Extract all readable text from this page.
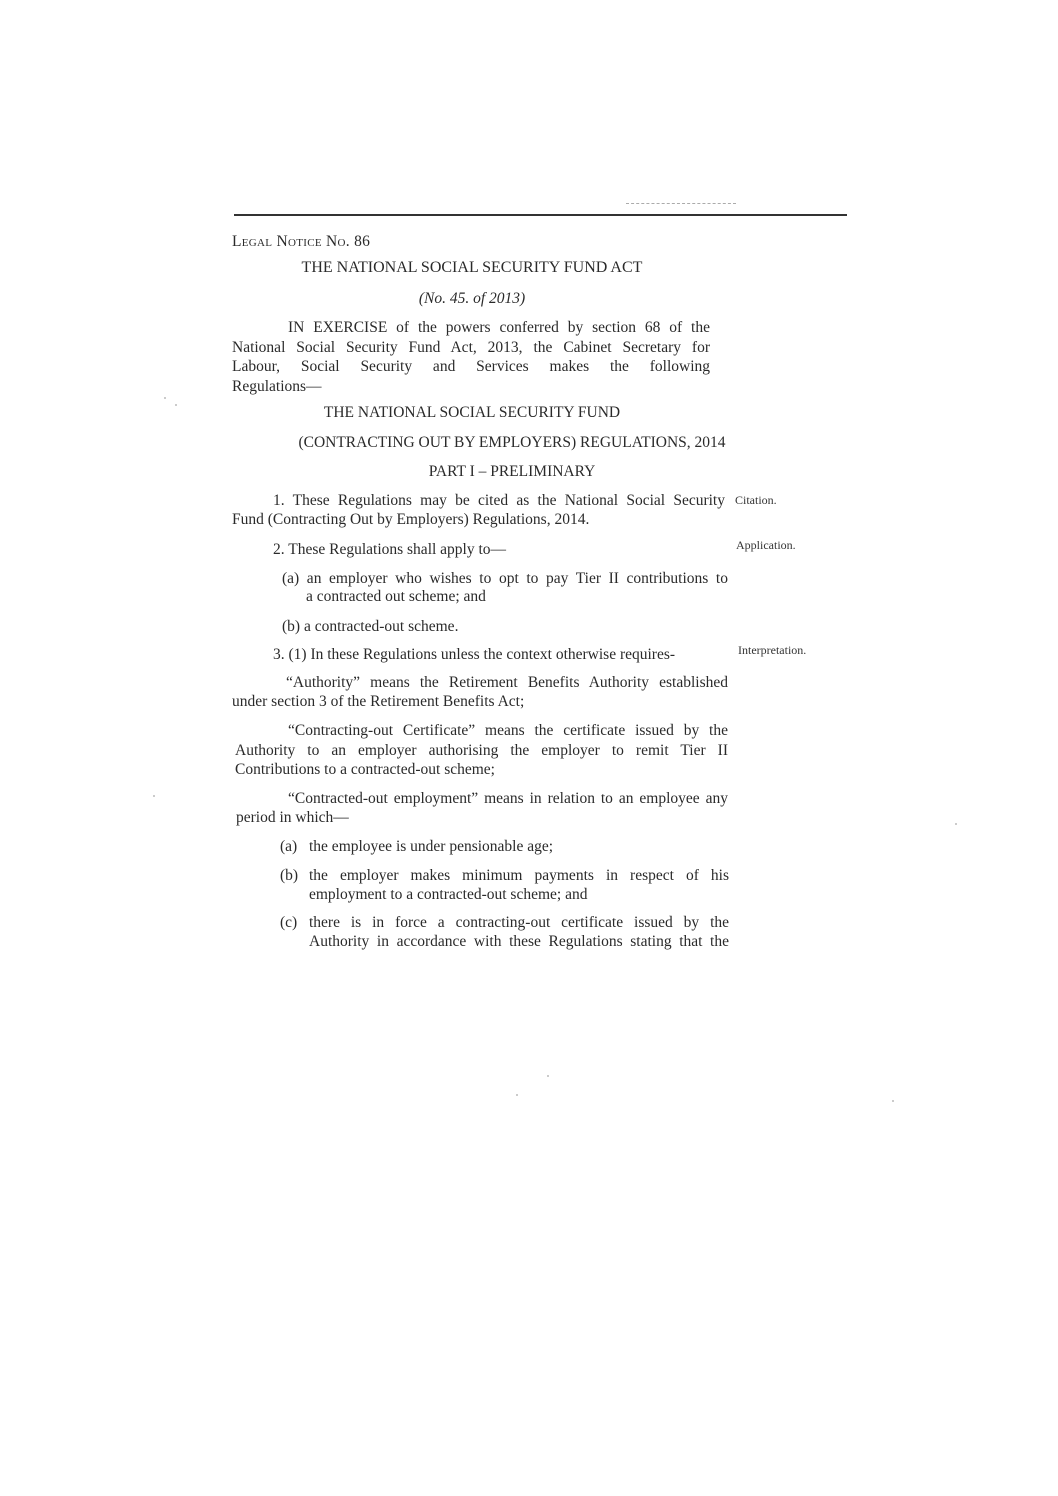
Legal Notice No. 86
THE NATIONAL SOCIAL SECURITY FUND ACT
(No. 45. of 2013)
IN EXERCISE of the powers conferred by section 68 of the
National Social Security Fund Act, 2013, the Cabinet Secretary for
Labour, Social Security and Services makes the following
Regulations—
THE NATIONAL SOCIAL SECURITY FUND
(CONTRACTING OUT BY EMPLOYERS) REGULATIONS, 2014
PART I – PRELIMINARY
1. These Regulations may be cited as the National Social Security
Fund (Contracting Out by Employers) Regulations, 2014.
Citation.
2. These Regulations shall apply to—	Application.
(a) an employer who wishes to opt to pay Tier II contributions to
a contracted out scheme; and
(b) a contracted-out scheme.
3. (1) In these Regulations unless the context otherwise requires-	Interpretation.
“Authority” means the Retirement Benefits Authority established
under section 3 of the Retirement Benefits Act;
“Contracting-out Certificate” means the certificate issued by the
Authority to an employer authorising the employer to remit Tier II
Contributions to a contracted-out scheme;
“Contracted-out employment” means in relation to an employee any
period in which—
(a) the employee is under pensionable age;
(b) the employer makes minimum payments in respect of his
employment to a contracted-out scheme; and
(c) there is in force a contracting-out certificate issued by the
Authority in accordance with these Regulations stating that the
